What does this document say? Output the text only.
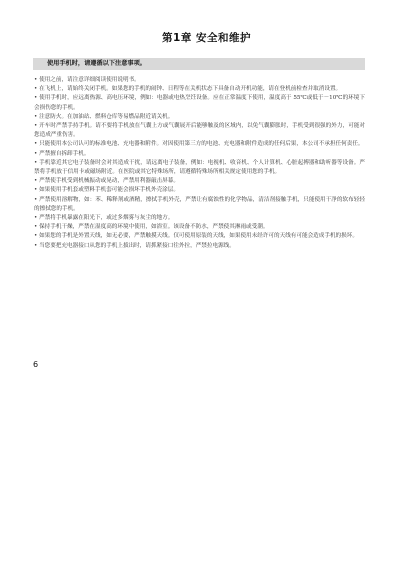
第1章 安全和维护
使用手机时，请遵循以下注意事项。

• 使用之前，请注意详细阅读使用说明书。

• 在飞机上，请始终关闭手机。如果您的手机的闹钟、日程等在关机状态下具备自动开机功能，请在登机前检查并取消设置。

• 使用手机时，应远离热源、高电压环境，例如：电器或电热烹饪设备。应在正常温度下使用，温度高于 55℃或低于－10℃的环境下会损伤您的手机。

• 注意防火。在加油站、燃料仓库等易燃品附近请关机。

• 开车时严禁手持手机。请不要将手机放在气囊上方或气囊展开后能够触及的区域内，以免气囊膨胀时，手机受到很强的外力，可能对您造成严重伤害。

• 只能使用本公司认可的标准电池、充电器和附件。对因使用第三方的电池、充电器和附件造成的任何后果，本公司不承担任何责任。

• 严禁擅自拆卸手机。

• 手机靠近其它电子装备时会对其造成干扰，请远离电子装备，例如：电视机、收音机、个人计算机、心脏起搏器和助听器等设备。严禁将手机放于信用卡或磁场附近。在医院或其它特殊场所，请遵循特殊场所相关规定使用您的手机。

• 严禁使手机受到机械振动或晃动，严禁用利器敲击屏幕。

• 如果使用手机套或塑料手机套可能会损坏手机外壳涂层。

• 严禁使用溶解物，如：苯、稀释剂或酒精，擦拭手机外壳，严禁让有腐蚀性的化学物品，清洁剂接触手机，只能使用干净的软布轻轻的擦拭您的手机。

• 严禁将手机暴露在阳光下，或过多烟雾与灰尘的地方。

• 保持手机干燥，严禁在湿度高的环境中使用，如浴室。该设备不防水，严禁使其淋雨或受潮。

• 如果您的手机是外置天线，如无必要，严禁触摸天线。仅可使用原装的天线，如果使用未经许可的天线有可能会造成手机的损坏。

• 当您要把充电器接口从您的手机上拔出时，请抓紧接口往外拉，严禁拉电源线。

6
